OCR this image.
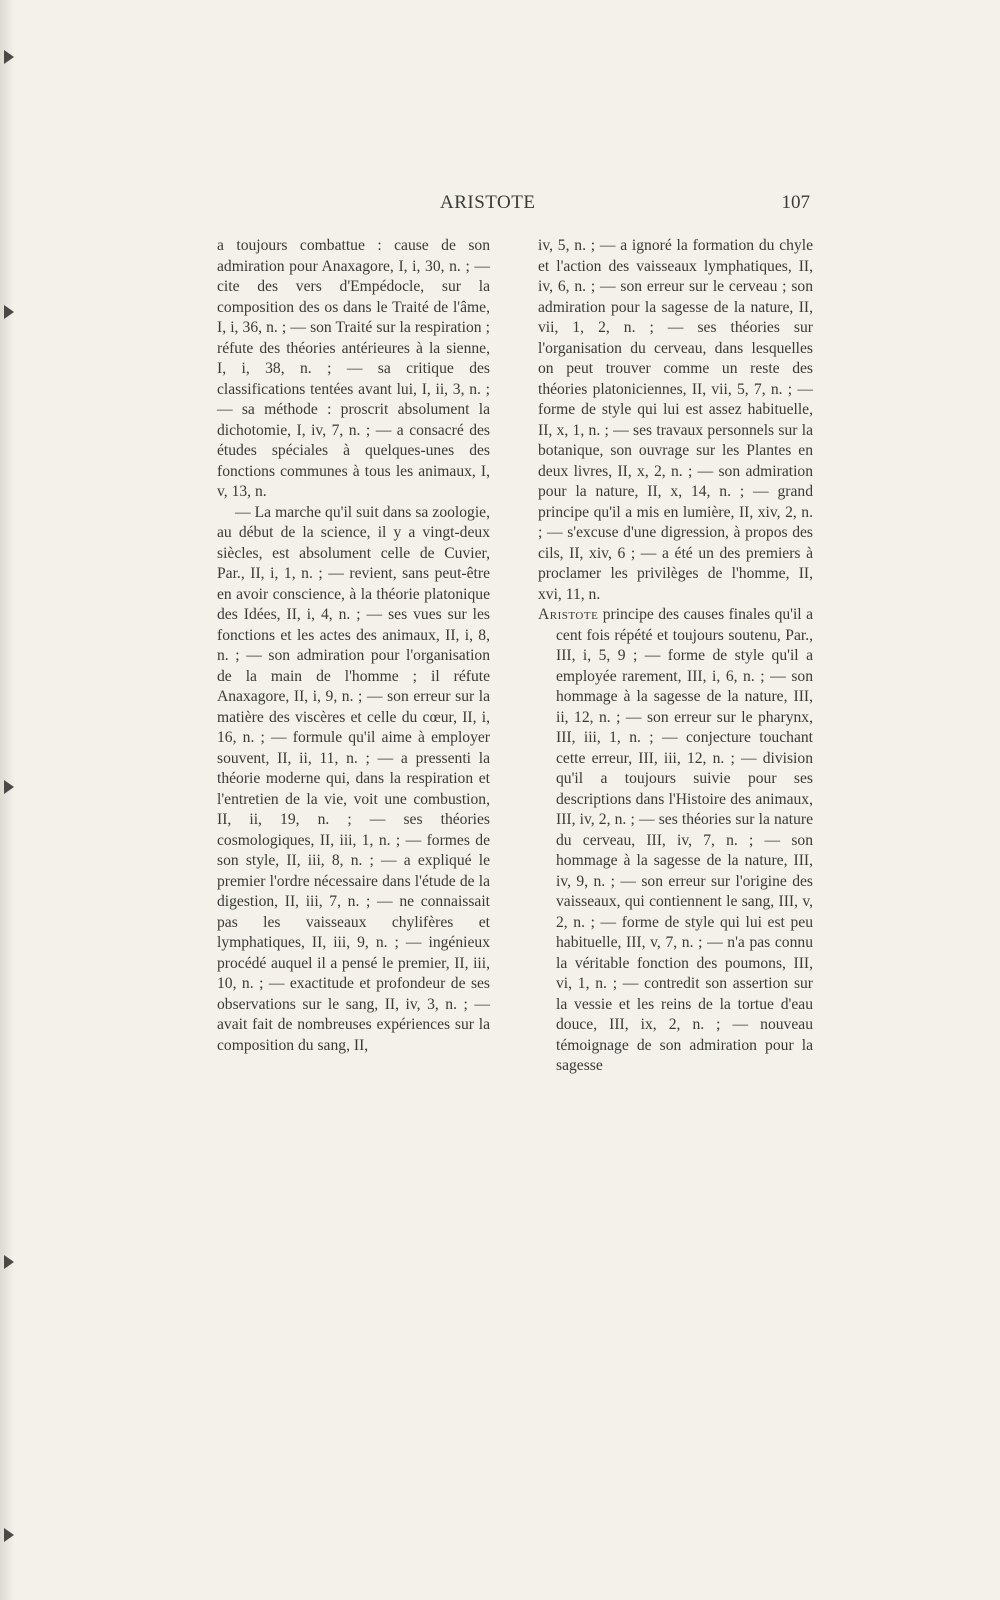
ARISTOTE	107

a toujours combattue : cause de son admiration pour Anaxagore, I, i, 30, n. ; — cite des vers d'Empédocle, sur la composition des os dans le Traité de l'âme, I, i, 36, n. ; — son Traité sur la respiration ; réfute des théories antérieures à la sienne, I, i, 38, n. ; — sa critique des classifications tentées avant lui, I, ii, 3, n. ; — sa méthode : proscrit absolument la dichotomie, I, iv, 7, n. ; — a consacré des études spéciales à quelques-unes des fonctions communes à tous les animaux, I, v, 13, n.

— La marche qu'il suit dans sa zoologie, au début de la science, il y a vingt-deux siècles, est absolument celle de Cuvier, Par., II, i, 1, n. ; — revient, sans peut-être en avoir conscience, à la théorie platonique des Idées, II, i, 4, n. ; — ses vues sur les fonctions et les actes des animaux, II, i, 8, n. ; — son admiration pour l'organisation de la main de l'homme ; il réfute Anaxagore, II, i, 9, n. ; — son erreur sur la matière des viscères et celle du cœur, II, i, 16, n. ; — formule qu'il aime à employer souvent, II, ii, 11, n. ; — a pressenti la théorie moderne qui, dans la respiration et l'entretien de la vie, voit une combustion, II, ii, 19, n. ; — ses théories cosmologiques, II, iii, 1, n. ; — formes de son style, II, iii, 8, n. ; — a expliqué le premier l'ordre nécessaire dans l'étude de la digestion, II, iii, 7, n. ; — ne connaissait pas les vaisseaux chylifères et lymphatiques, II, iii, 9, n. ; — ingénieux procédé auquel il a pensé le premier, II, iii, 10, n. ; — exactitude et profondeur de ses observations sur le sang, II, iv, 3, n. ; — avait fait de nombreuses expériences sur la composition du sang, II,

iv, 5, n. ; — a ignoré la formation du chyle et l'action des vaisseaux lymphatiques, II, iv, 6, n. ; — son erreur sur le cerveau ; son admiration pour la sagesse de la nature, II, vii, 1, 2, n. ; — ses théories sur l'organisation du cerveau, dans lesquelles on peut trouver comme un reste des théories platoniciennes, II, vii, 5, 7, n. ; — forme de style qui lui est assez habituelle, II, x, 1, n. ; — ses travaux personnels sur la botanique, son ouvrage sur les Plantes en deux livres, II, x, 2, n. ; — son admiration pour la nature, II, x, 14, n. ; — grand principe qu'il a mis en lumière, II, xiv, 2, n. ; — s'excuse d'une digression, à propos des cils, II, xiv, 6 ; — a été un des premiers à proclamer les privilèges de l'homme, II, xvi, 11, n.

Aristote principe des causes finales qu'il a cent fois répété et toujours soutenu, Par., III, i, 5, 9 ; — forme de style qu'il a employée rarement, III, i, 6, n. ; — son hommage à la sagesse de la nature, III, ii, 12, n. ; — son erreur sur le pharynx, III, iii, 1, n. ; — conjecture touchant cette erreur, III, iii, 12, n. ; — division qu'il a toujours suivie pour ses descriptions dans l'Histoire des animaux, III, iv, 2, n. ; — ses théories sur la nature du cerveau, III, iv, 7, n. ; — son hommage à la sagesse de la nature, III, iv, 9, n. ; — son erreur sur l'origine des vaisseaux, qui contiennent le sang, III, v, 2, n. ; — forme de style qui lui est peu habituelle, III, v, 7, n. ; — n'a pas connu la véritable fonction des poumons, III, vi, 1, n. ; — contredit son assertion sur la vessie et les reins de la tortue d'eau douce, III, ix, 2, n. ; — nouveau témoignage de son admiration pour la sagesse
